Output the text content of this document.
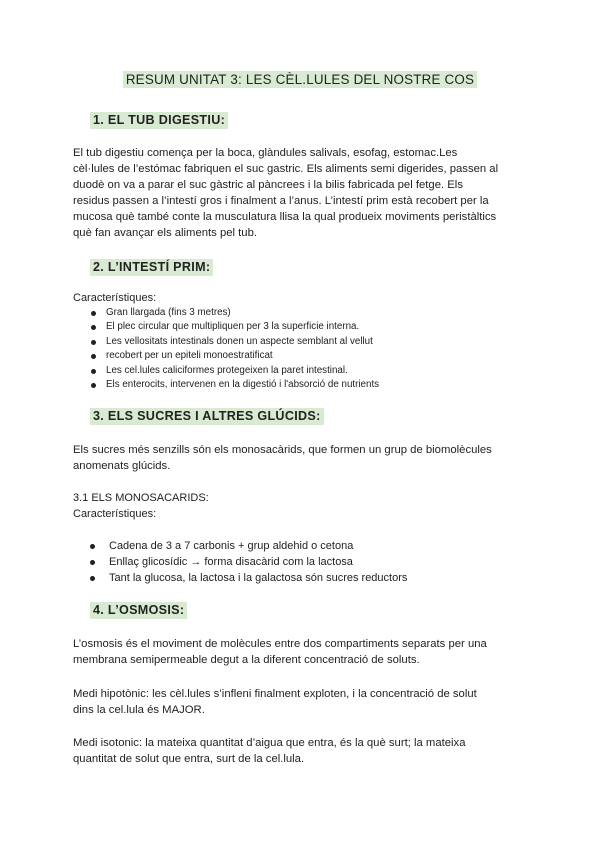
RESUM UNITAT 3: LES CÈL.LULES DEL NOSTRE COS
1. EL TUB DIGESTIU:
El tub digestiu comença per la boca, glàndules salivals, esofag, estomac.Les
cèl·lules de l’estómac fabriquen el suc gastric. Els aliments semi digerides, passen al
duodè on va a parar el suc gàstric al pàncrees i la bilis fabricada pel fetge. Els
residus passen a l’intestí gros i finalment a l’anus. L’intestí prim està recobert per la
mucosa què també conte la musculatura llisa la qual produeix moviments peristàltics
què fan avançar els aliments pel tub.
2. L’INTESTÍ PRIM:
Característiques:
Gran llargada (fins 3 metres)
El plec circular que multipliquen per 3 la superficie interna.
Les vellositats intestinals donen un aspecte semblant al vellut
recobert per un epiteli monoestratificat
Les cel.lules caliciformes protegeixen la paret intestinal.
Els enterocits, intervenen en la digestió i l'absorció de nutrients
3. ELS SUCRES I ALTRES GLÚCIDS:
Els sucres més senzills són els monosacàrids, que formen un grup de biomolècules
anomenats glúcids.
3.1 ELS MONOSACARIDS:
Característiques:
Cadena de 3 a 7 carbonis + grup aldehid o cetona
Enllaç glicosídic → forma disacàrid com la lactosa
Tant la glucosa, la lactosa i la galactosa són sucres reductors
4. L’OSMOSIS:
L’osmosis és el moviment de molècules entre dos compartiments separats per una
membrana semipermeable degut a la diferent concentració de soluts.
Medi hipotònic: les cèl.lules s’infleni finalment exploten, i la concentració de solut
dins la cel.lula és MAJOR.
Medi isotonic: la mateixa quantitat d’aigua que entra, és la què surt; la mateixa
quantitat de solut que entra, surt de la cel.lula.
